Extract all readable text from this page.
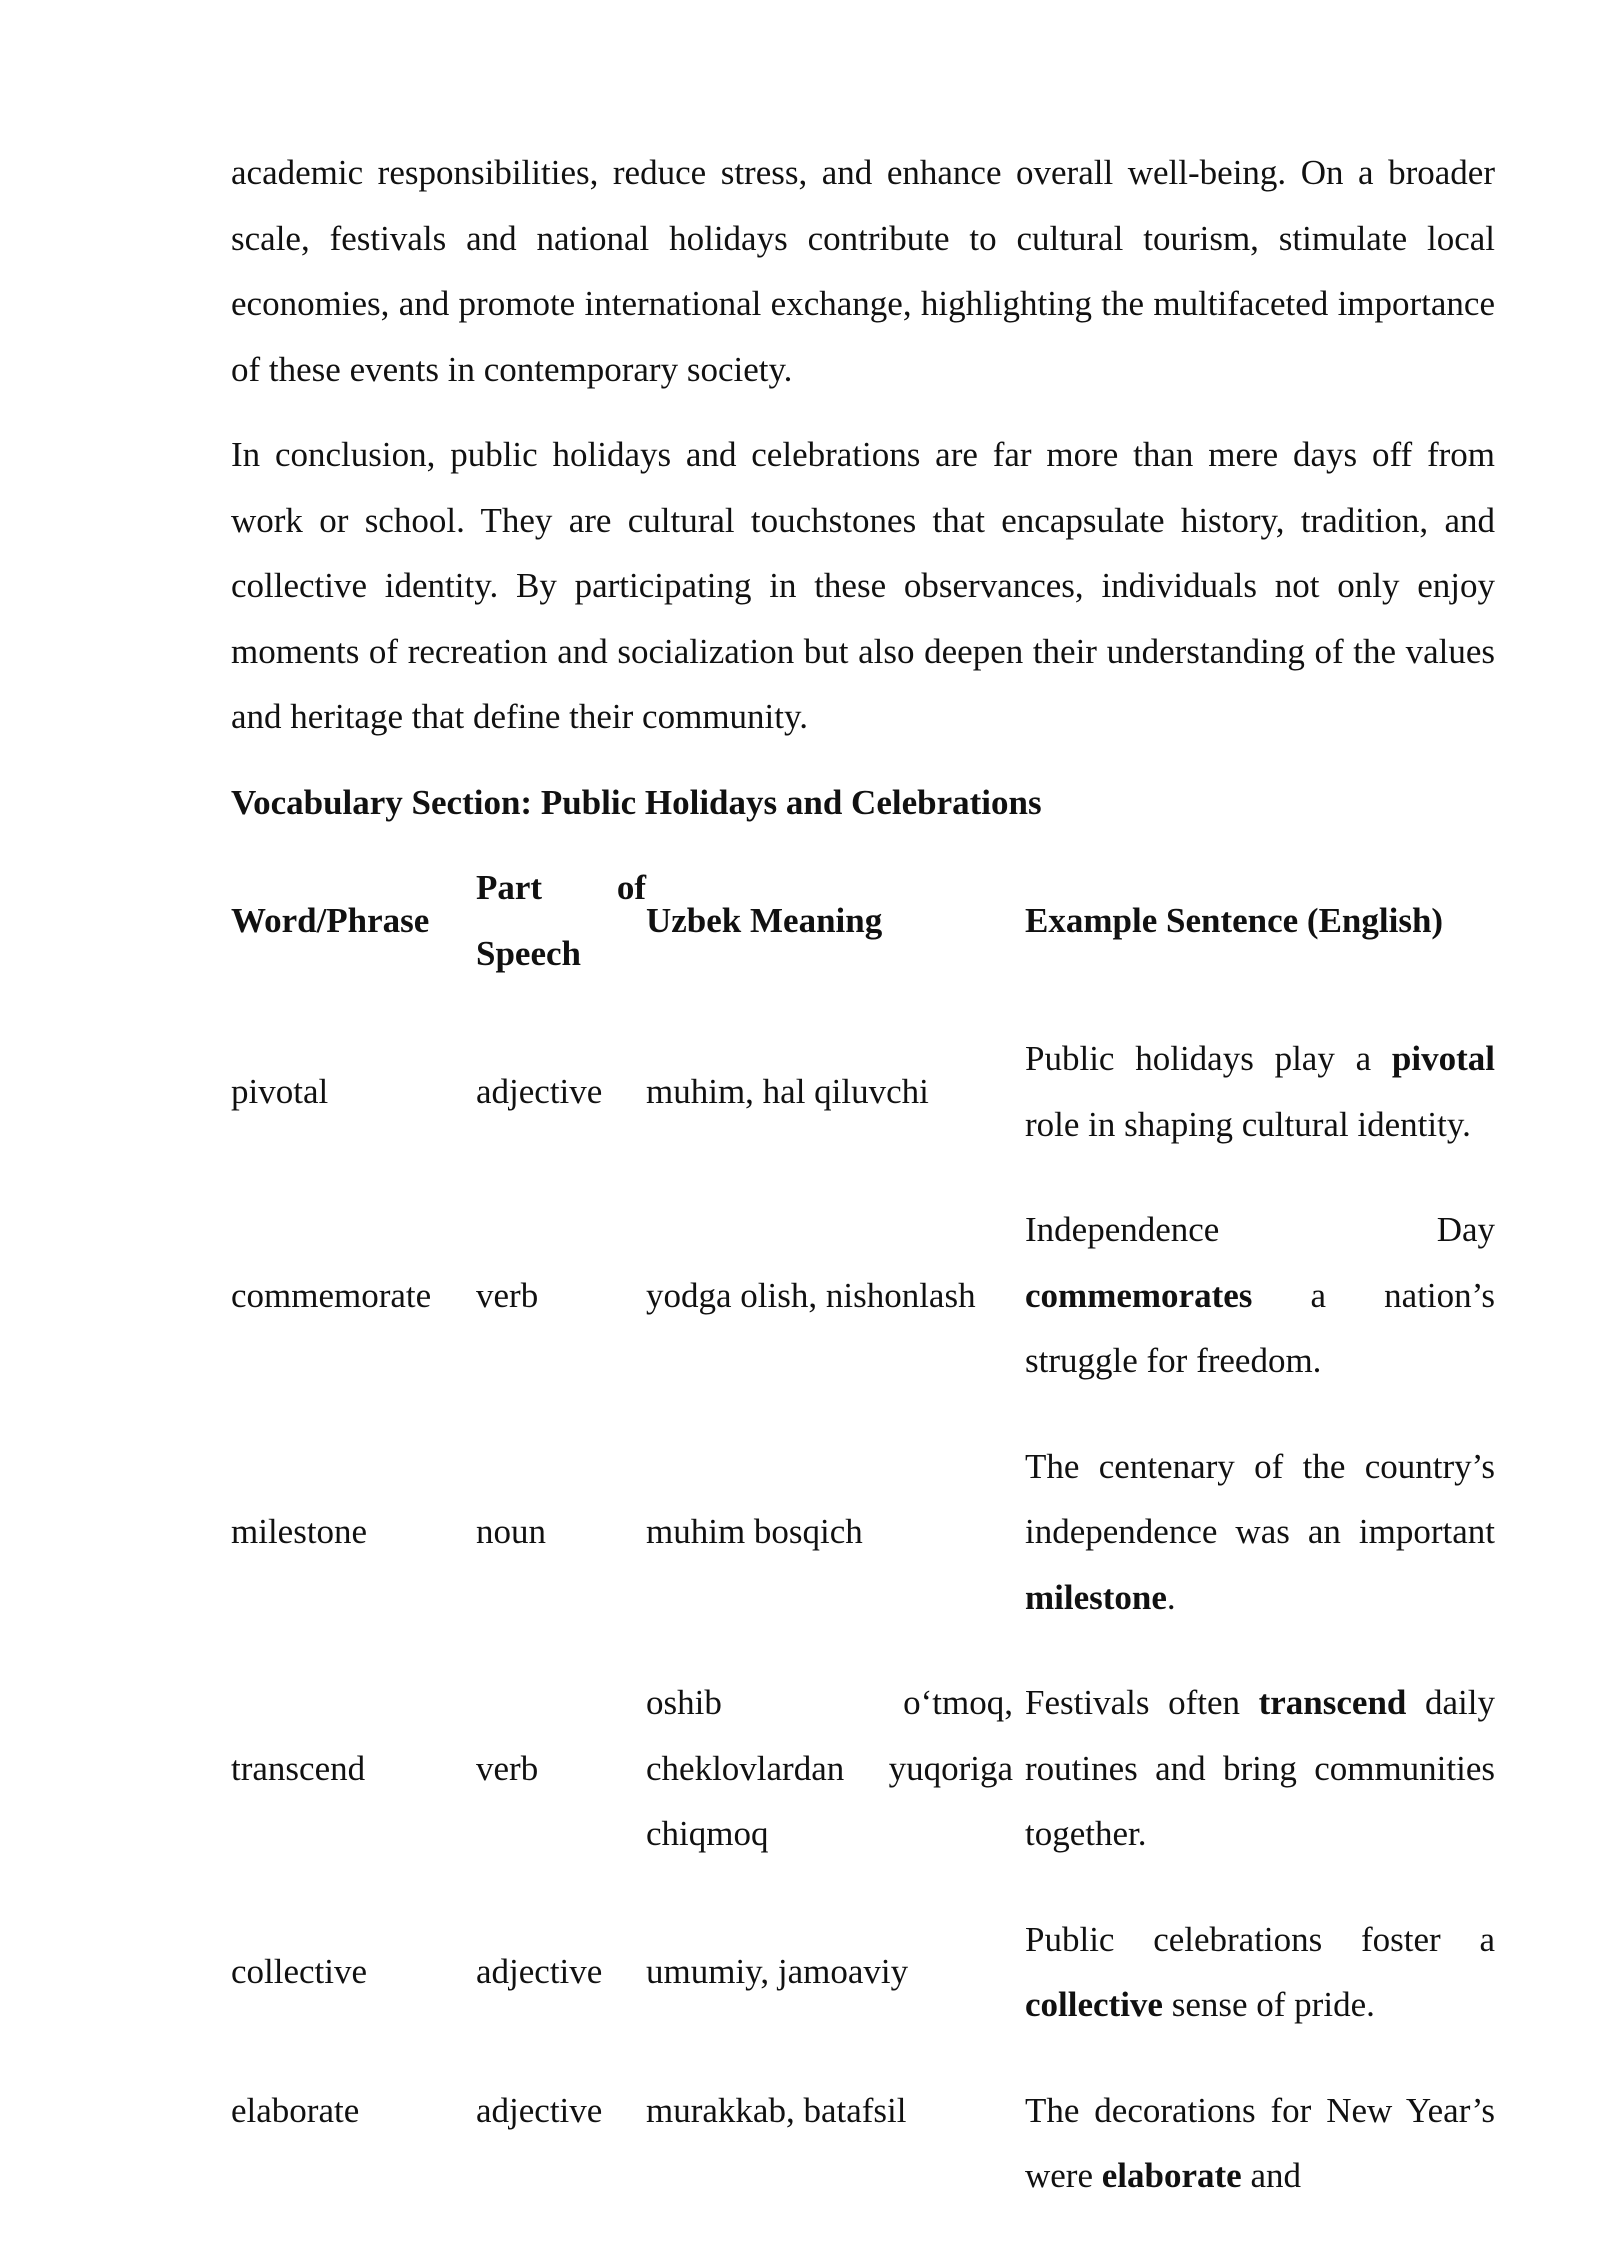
academic responsibilities, reduce stress, and enhance overall well-being. On a broader scale, festivals and national holidays contribute to cultural tourism, stimulate local economies, and promote international exchange, highlighting the multifaceted importance of these events in contemporary society.

In conclusion, public holidays and celebrations are far more than mere days off from work or school. They are cultural touchstones that encapsulate history, tradition, and collective identity. By participating in these observances, individuals not only enjoy moments of recreation and socialization but also deepen their understanding of the values and heritage that define their community.

Vocabulary Section: Public Holidays and Celebrations
Word/Phrase	Part of Speech	Uzbek Meaning	Example Sentence (English)
pivotal	adjective	muhim, hal qiluvchi	Public holidays play a pivotal role in shaping cultural identity.
commemorate	verb	yodga olish, nishonlash	Independence Day commemorates a nation’s struggle for freedom.
milestone	noun	muhim bosqich	The centenary of the country’s independence was an important milestone.
transcend	verb	oshib o‘tmoq, cheklovlardan yuqoriga chiqmoq	Festivals often transcend daily routines and bring communities together.
collective	adjective	umumiy, jamoaviy	Public celebrations foster a collective sense of pride.
elaborate	adjective	murakkab, batafsil	The decorations for New Year’s were elaborate and
